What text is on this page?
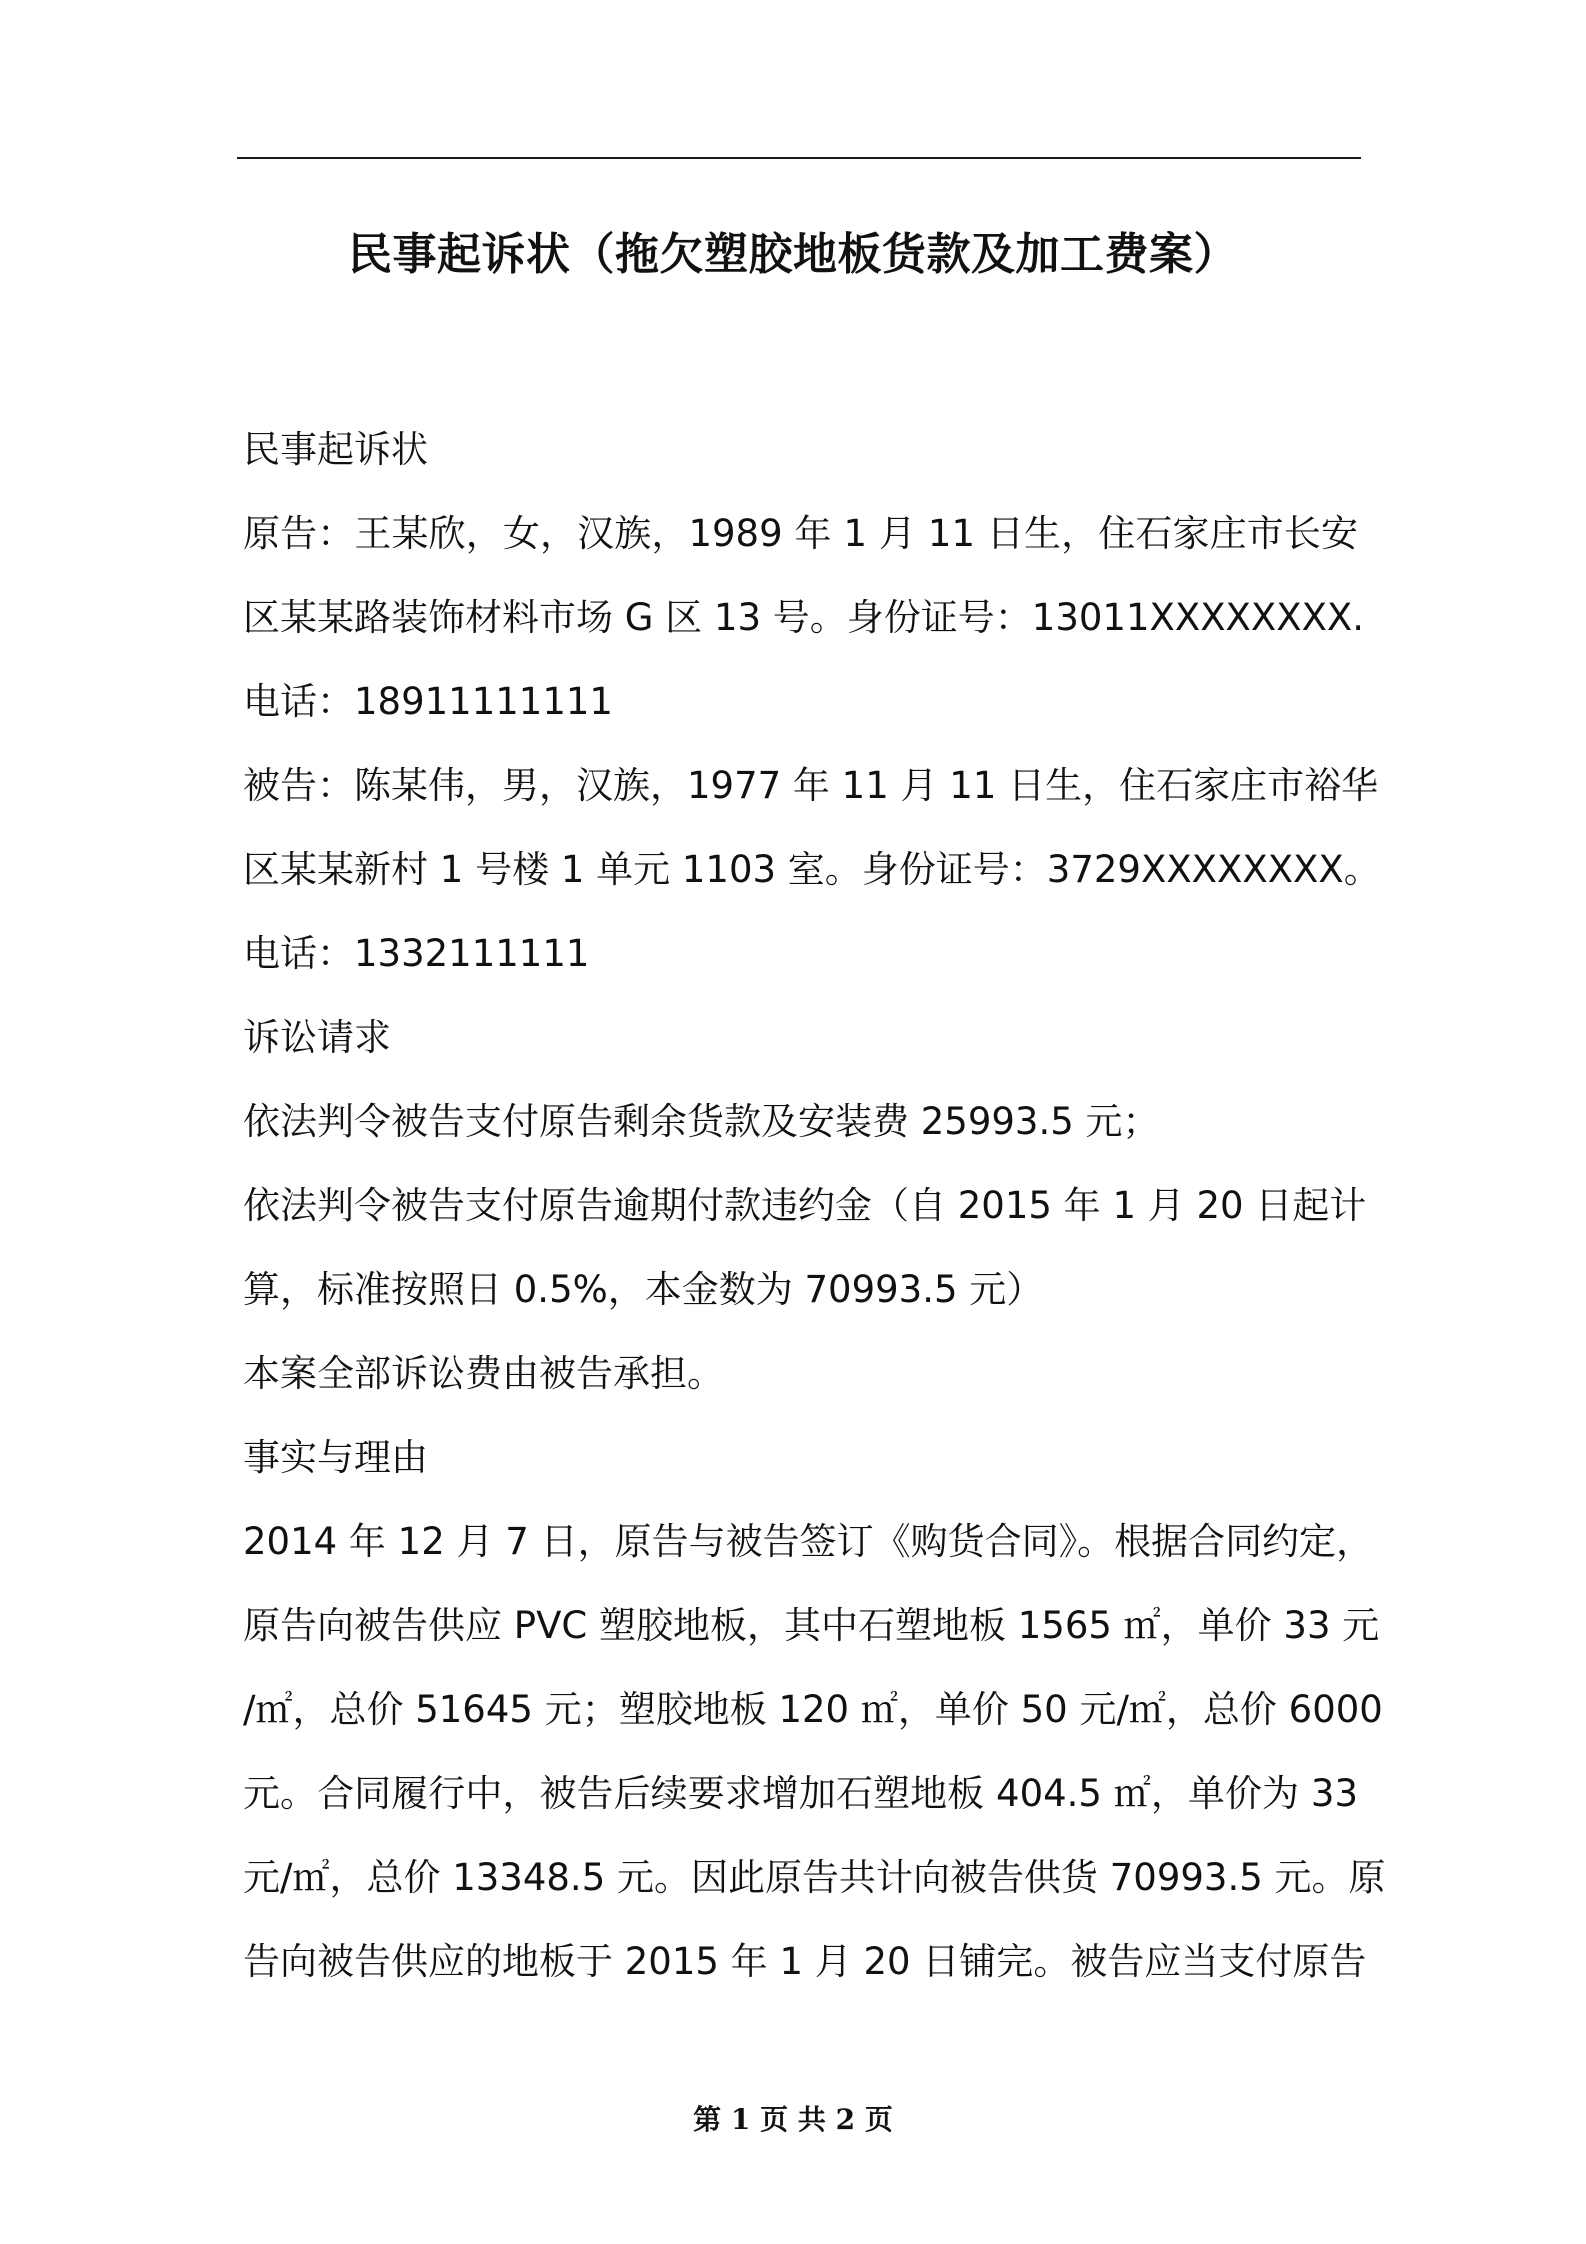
民事起诉状（拖欠塑胶地板货款及加工费案）
民事起诉状
原告：王某欣，女，汉族，1989 年 1 月 11 日生，住石家庄市长安
区某某路装饰材料市场 G 区 13 号。身份证号：13011XXXXXXXX.
电话：18911111111
被告：陈某伟，男，汉族，1977 年 11 月 11 日生，住石家庄市裕华
区某某新村 1 号楼 1 单元 1103 室。身份证号：3729XXXXXXXX。
电话：1332111111
诉讼请求
依法判令被告支付原告剩余货款及安装费 25993.5 元；
依法判令被告支付原告逾期付款违约金（自 2015 年 1 月 20 日起计
算，标准按照日 0.5%，本金数为 70993.5 元）
本案全部诉讼费由被告承担。
事实与理由
2014 年 12 月 7 日，原告与被告签订《购货合同》。根据合同约定，
原告向被告供应 PVC 塑胶地板，其中石塑地板 1565 ㎡，单价 33 元
/㎡，总价 51645 元；塑胶地板 120 ㎡，单价 50 元/㎡，总价 6000
元。合同履行中，被告后续要求增加石塑地板 404.5 ㎡，单价为 33
元/㎡，总价 13348.5 元。因此原告共计向被告供货 70993.5 元。原
告向被告供应的地板于 2015 年 1 月 20 日铺完。被告应当支付原告
第 1 页 共 2 页
